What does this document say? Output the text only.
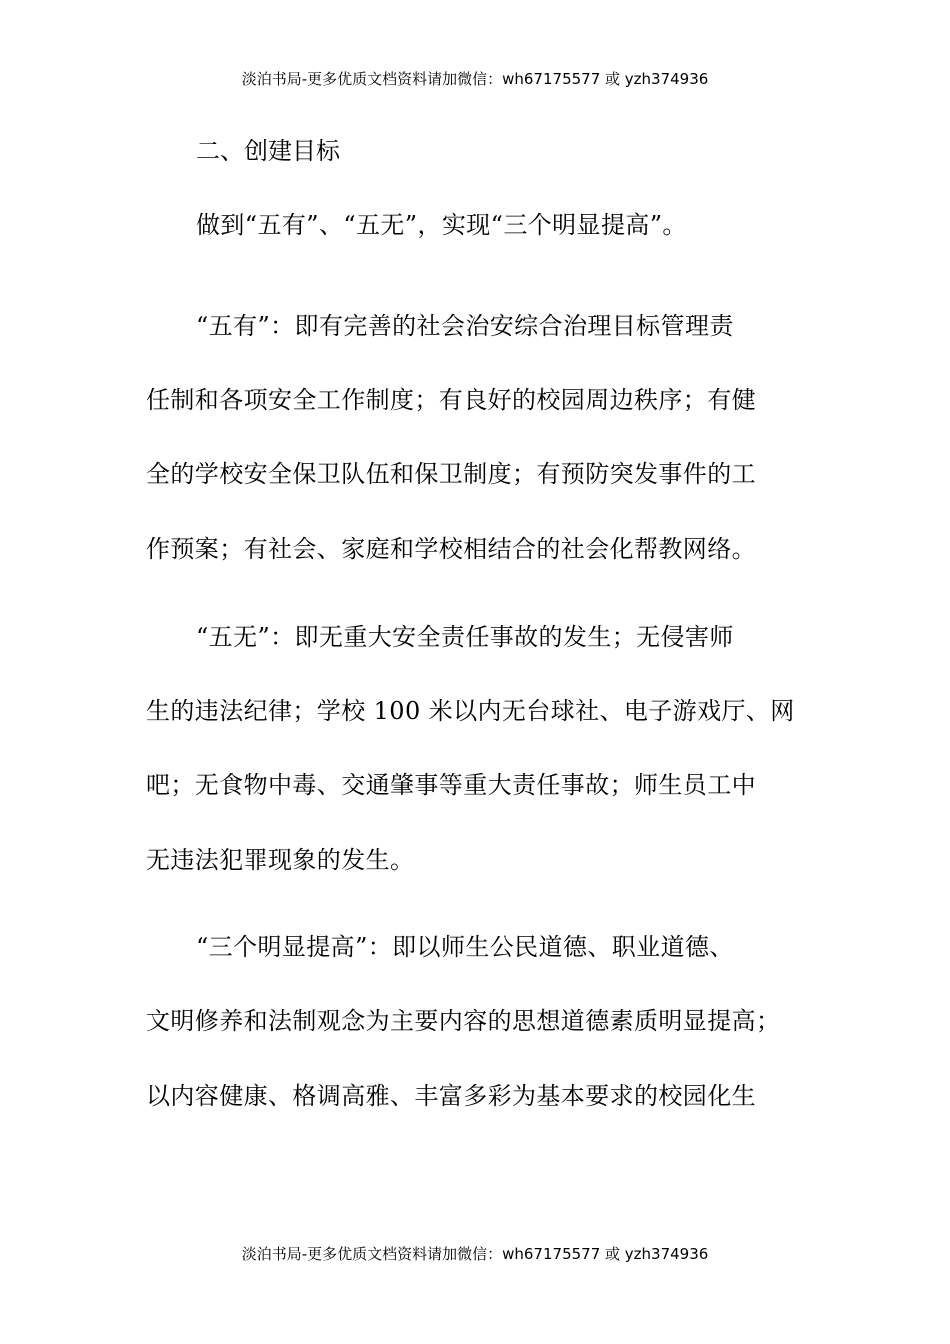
淡泊书局-更多优质文档资料请加微信：wh67175577 或 yzh374936
二、创建目标
做到“五有”、“五无”，实现“三个明显提高”。
“五有”：即有完善的社会治安综合治理目标管理责
任制和各项安全工作制度；有良好的校园周边秩序；有健
全的学校安全保卫队伍和保卫制度；有预防突发事件的工
作预案；有社会、家庭和学校相结合的社会化帮教网络。
“五无”：即无重大安全责任事故的发生；无侵害师
生的违法纪律；学校 100 米以内无台球社、电子游戏厅、网
吧；无食物中毒、交通肇事等重大责任事故；师生员工中
无违法犯罪现象的发生。
“三个明显提高”：即以师生公民道德、职业道德、
文明修养和法制观念为主要内容的思想道德素质明显提高；
以内容健康、格调高雅、丰富多彩为基本要求的校园化生
淡泊书局-更多优质文档资料请加微信：wh67175577 或 yzh374936
